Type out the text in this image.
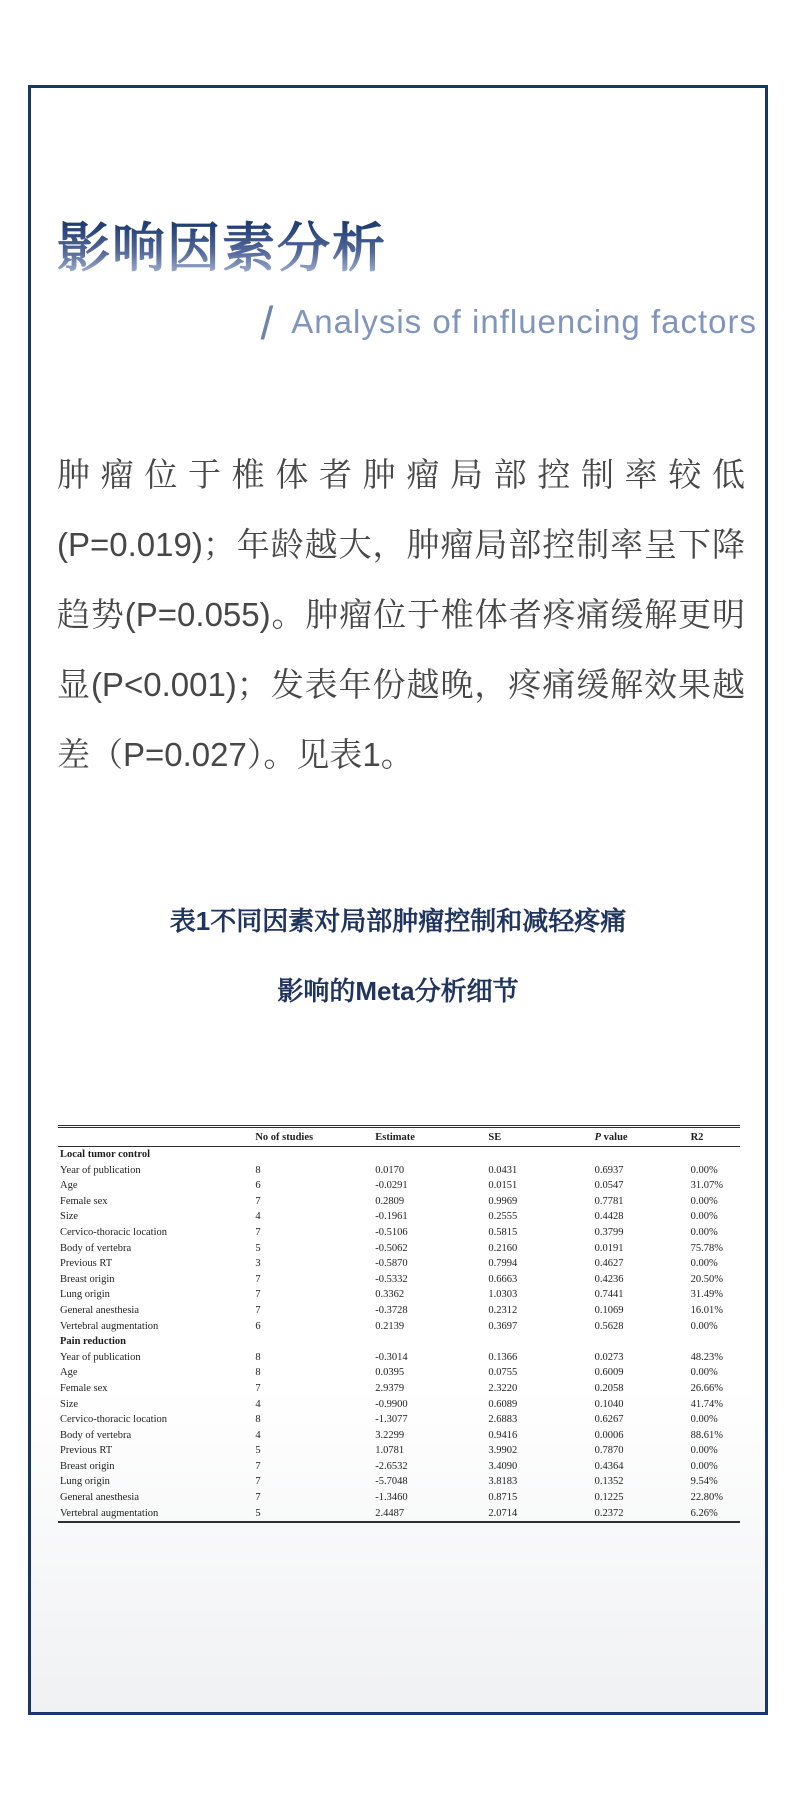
影响因素分析
/ Analysis of influencing factors
肿瘤位于椎体者肿瘤局部控制率较低
(P=0.019)；年龄越大，肿瘤局部控制率呈下降
趋势(P=0.055)。肿瘤位于椎体者疼痛缓解更明
显(P<0.001)；发表年份越晚，疼痛缓解效果越
差（P=0.027）。见表1。
表1不同因素对局部肿瘤控制和减轻疼痛
影响的Meta分析细节
	No of studies	Estimate	SE	P value	R2
Local tumor control					
Year of publication	8	0.0170	0.0431	0.6937	0.00%
Age	6	-0.0291	0.0151	0.0547	31.07%
Female sex	7	0.2809	0.9969	0.7781	0.00%
Size	4	-0.1961	0.2555	0.4428	0.00%
Cervico-thoracic location	7	-0.5106	0.5815	0.3799	0.00%
Body of vertebra	5	-0.5062	0.2160	0.0191	75.78%
Previous RT	3	-0.5870	0.7994	0.4627	0.00%
Breast origin	7	-0.5332	0.6663	0.4236	20.50%
Lung origin	7	0.3362	1.0303	0.7441	31.49%
General anesthesia	7	-0.3728	0.2312	0.1069	16.01%
Vertebral augmentation	6	0.2139	0.3697	0.5628	0.00%
Pain reduction					
Year of publication	8	-0.3014	0.1366	0.0273	48.23%
Age	8	0.0395	0.0755	0.6009	0.00%
Female sex	7	2.9379	2.3220	0.2058	26.66%
Size	4	-0.9900	0.6089	0.1040	41.74%
Cervico-thoracic location	8	-1.3077	2.6883	0.6267	0.00%
Body of vertebra	4	3.2299	0.9416	0.0006	88.61%
Previous RT	5	1.0781	3.9902	0.7870	0.00%
Breast origin	7	-2.6532	3.4090	0.4364	0.00%
Lung origin	7	-5.7048	3.8183	0.1352	9.54%
General anesthesia	7	-1.3460	0.8715	0.1225	22.80%
Vertebral augmentation	5	2.4487	2.0714	0.2372	6.26%
